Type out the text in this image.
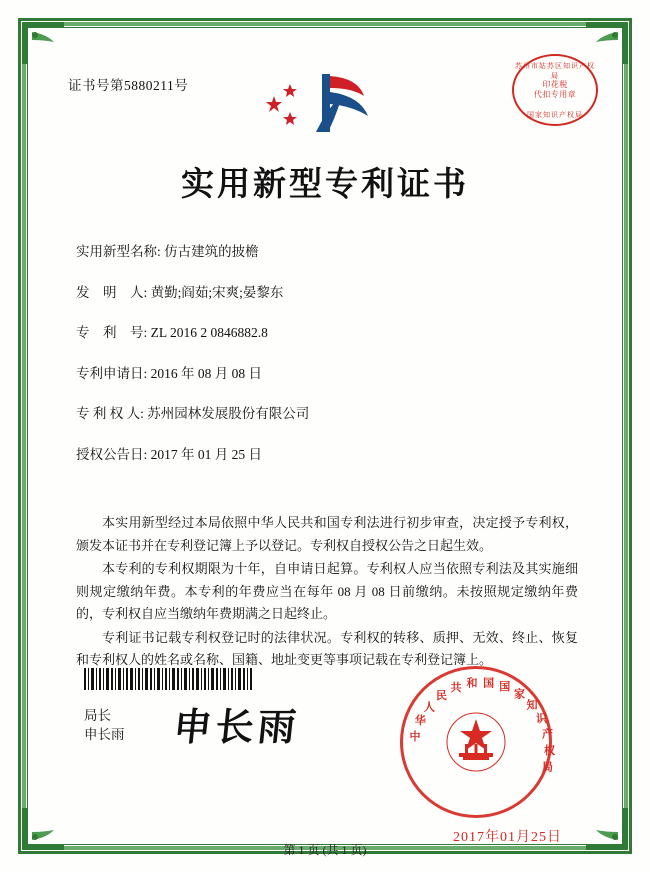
证书号第5880211号
苏州市姑苏区知识产权局
印花税
代扣专用章
国家知识产权局
实用新型专利证书
实用新型名称: 仿古建筑的披檐
发　明　人: 黄勤;阎茹;宋爽;晏黎东
专　利　号: ZL 2016 2 0846882.8
专利申请日: 2016 年 08 月 08 日
专 利 权 人: 苏州园林发展股份有限公司
授权公告日: 2017 年 01 月 25 日

本实用新型经过本局依照中华人民共和国专利法进行初步审查，决定授予专利权，颁发本证书并在专利登记簿上予以登记。专利权自授权公告之日起生效。

本专利的专利权期限为十年，自申请日起算。专利权人应当依照专利法及其实施细则规定缴纳年费。本专利的年费应当在每年 08 月 08 日前缴纳。未按照规定缴纳年费的，专利权自应当缴纳年费期满之日起终止。

专利证书记载专利权登记时的法律状况。专利权的转移、质押、无效、终止、恢复和专利权人的姓名或名称、国籍、地址变更等事项记载在专利登记簿上。

局长
申长雨 申长雨	中
华
人
民
共 和 国 国
家
知
识
产
权
局
2017年01月25日
第 1 页 (共 1 页)
